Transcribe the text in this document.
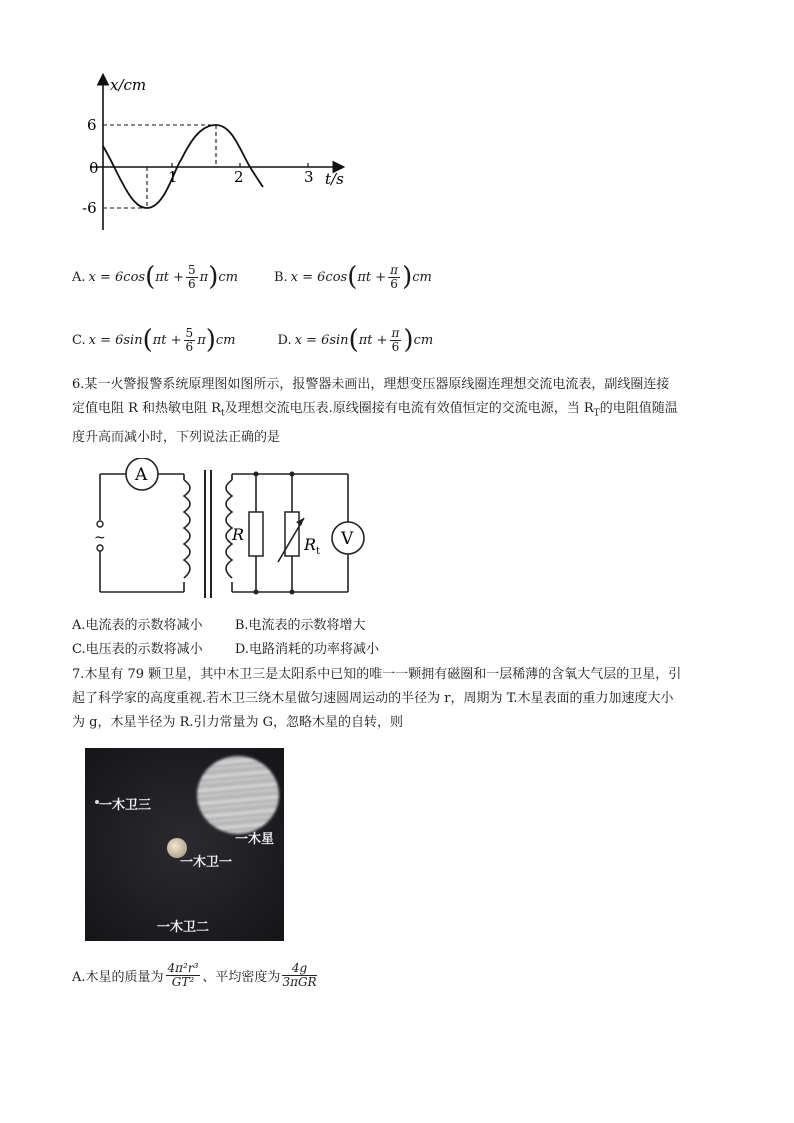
x/cm
t/s
6
0
-6
1	2	3
A. x = 6cos ( $\pi t + \frac{5}{6}$ π ) cm	B. x = 6cos ( $\pi t + \frac{\pi}{6}$ ) cm
C. x = 6sin ( $\pi t + \frac{5}{6}$ π ) cm	D. x = 6sin ( $\pi t + \frac{\pi}{6}$ ) cm
6.某一火警报警系统原理图如图所示，报警器未画出，理想变压器原线圈连理想交流电流表，副线圈连接
定值电阻 R 和热敏电阻 $R_t$及理想交流电压表.原线圈接有电流有效值恒定的交流电源，当 $R_T$的电阻值随温
度升高而减小时，下列说法正确的是
A
V
~	R
$R_t$
A.电流表的示数将减小 B.电流表的示数将增大
C.电压表的示数将减小 D.电路消耗的功率将减小
7.木星有 79 颗卫星，其中木卫三是太阳系中已知的唯一一颗拥有磁圈和一层稀薄的含氧大气层的卫星，引
起了科学家的高度重视.若木卫三绕木星做匀速圆周运动的半径为 r，周期为 T.木星表面的重力加速度大小
为 g，木星半径为 R.引力常量为 G，忽略木星的自转，则
一木卫三
一木星
一木卫一
一木卫二
A.木星的质量为 $\frac{\text{4π²r³}}{\text{GT²}}$ 、平均密度为 $\frac{4g}{\text{3πGR}}$
